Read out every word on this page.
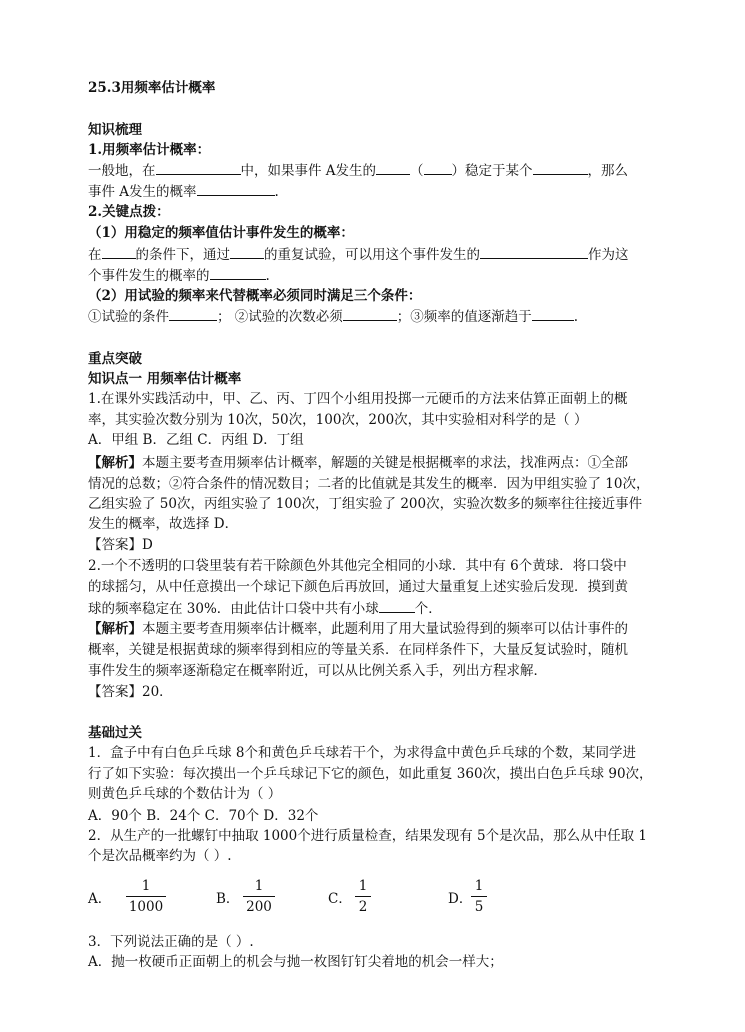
25.3用频率估计概率
知识梳理
1.用频率估计概率：
一般地，在	中，如果事件 A发生的	（ ）稳定于某个	，那么
事件 A发生的概率	.
2.关键点拨：
（1）用稳定的频率值估计事件发生的概率：
在	的条件下，通过	的重复试验，可以用这个事件发生的	作为这
个事件发生的概率的	.
（2）用试验的频率来代替概率必须同时满足三个条件：
①试验的条件	； ②试验的次数必须	；③频率的值逐渐趋于	.
重点突破
知识点一 用频率估计概率
1.在课外实践活动中，甲、乙、丙、丁四个小组用投掷一元硬币的方法来估算正面朝上的概
率，其实验次数分别为 10次，50次，100次，200次，其中实验相对科学的是（ ）
A．甲组 B．乙组 C．丙组 D．丁组
【解析】本题主要考查用频率估计概率，解题的关键是根据概率的求法，找准两点：①全部
情况的总数；②符合条件的情况数目；二者的比值就是其发生的概率．因为甲组实验了 10次，
乙组实验了 50次，丙组实验了 100次，丁组实验了 200次，实验次数多的频率往往接近事件
发生的概率，故选择 D．
【答案】D
2.一个不透明的口袋里装有若干除颜色外其他完全相同的小球．其中有 6个黄球．将口袋中
的球摇匀，从中任意摸出一个球记下颜色后再放回，通过大量重复上述实验后发现．摸到黄
球的频率稳定在 30%．由此估计口袋中共有小球	个．
【解析】本题主要考查用频率估计概率，此题利用了用大量试验得到的频率可以估计事件的
概率，关键是根据黄球的频率得到相应的等量关系．在同样条件下，大量反复试验时，随机
事件发生的频率逐渐稳定在概率附近，可以从比例关系入手，列出方程求解．
【答案】20．
基础过关
1．盒子中有白色乒乓球 8个和黄色乒乓球若干个，为求得盒中黄色乒乓球的个数，某同学进
行了如下实验：每次摸出一个乒乓球记下它的颜色，如此重复 360次，摸出白色乒乓球 90次，
则黄色乒乓球的个数估计为（ ）
A．90个 B．24个 C．70个 D．32个
2．从生产的一批螺钉中抽取 1000个进行质量检查，结果发现有 5个是次品，那么从中任取 1
个是次品概率约为（ ）.
A．
1
1000	B．
1
200	C．
1
2	D．
1
5
3．下列说法正确的是（ ）.
A．抛一枚硬币正面朝上的机会与抛一枚图钉钉尖着地的机会一样大；
